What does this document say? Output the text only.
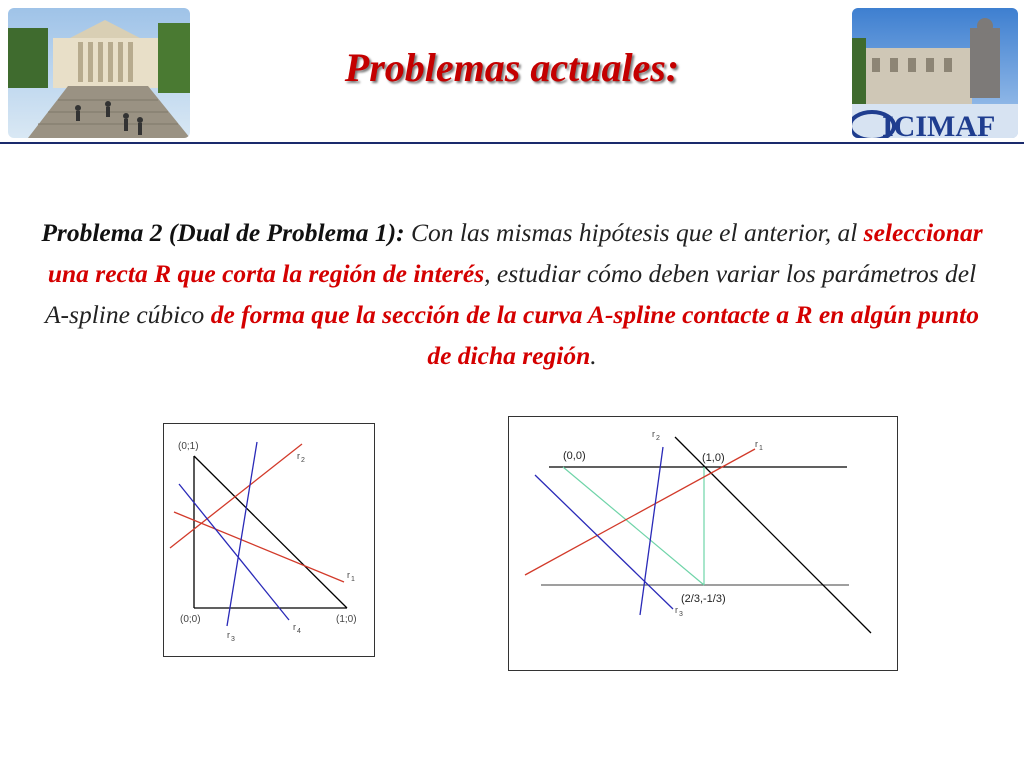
ICIMAF
Problemas actuales:

Problema 2 (Dual de Problema 1): Con las mismas hipótesis que el anterior, al seleccionar una recta R que corta la región de interés, estudiar cómo deben variar los parámetros del A-spline cúbico de forma que la sección de la curva A-spline contacte a R en algún punto de dicha región.

(0;1)
(0;0)	(1;0)
r 2
r 1
r 4
r 3
(0,0)	(1,0)
(2/3,-1/3)
r 2
r 1
r 3
